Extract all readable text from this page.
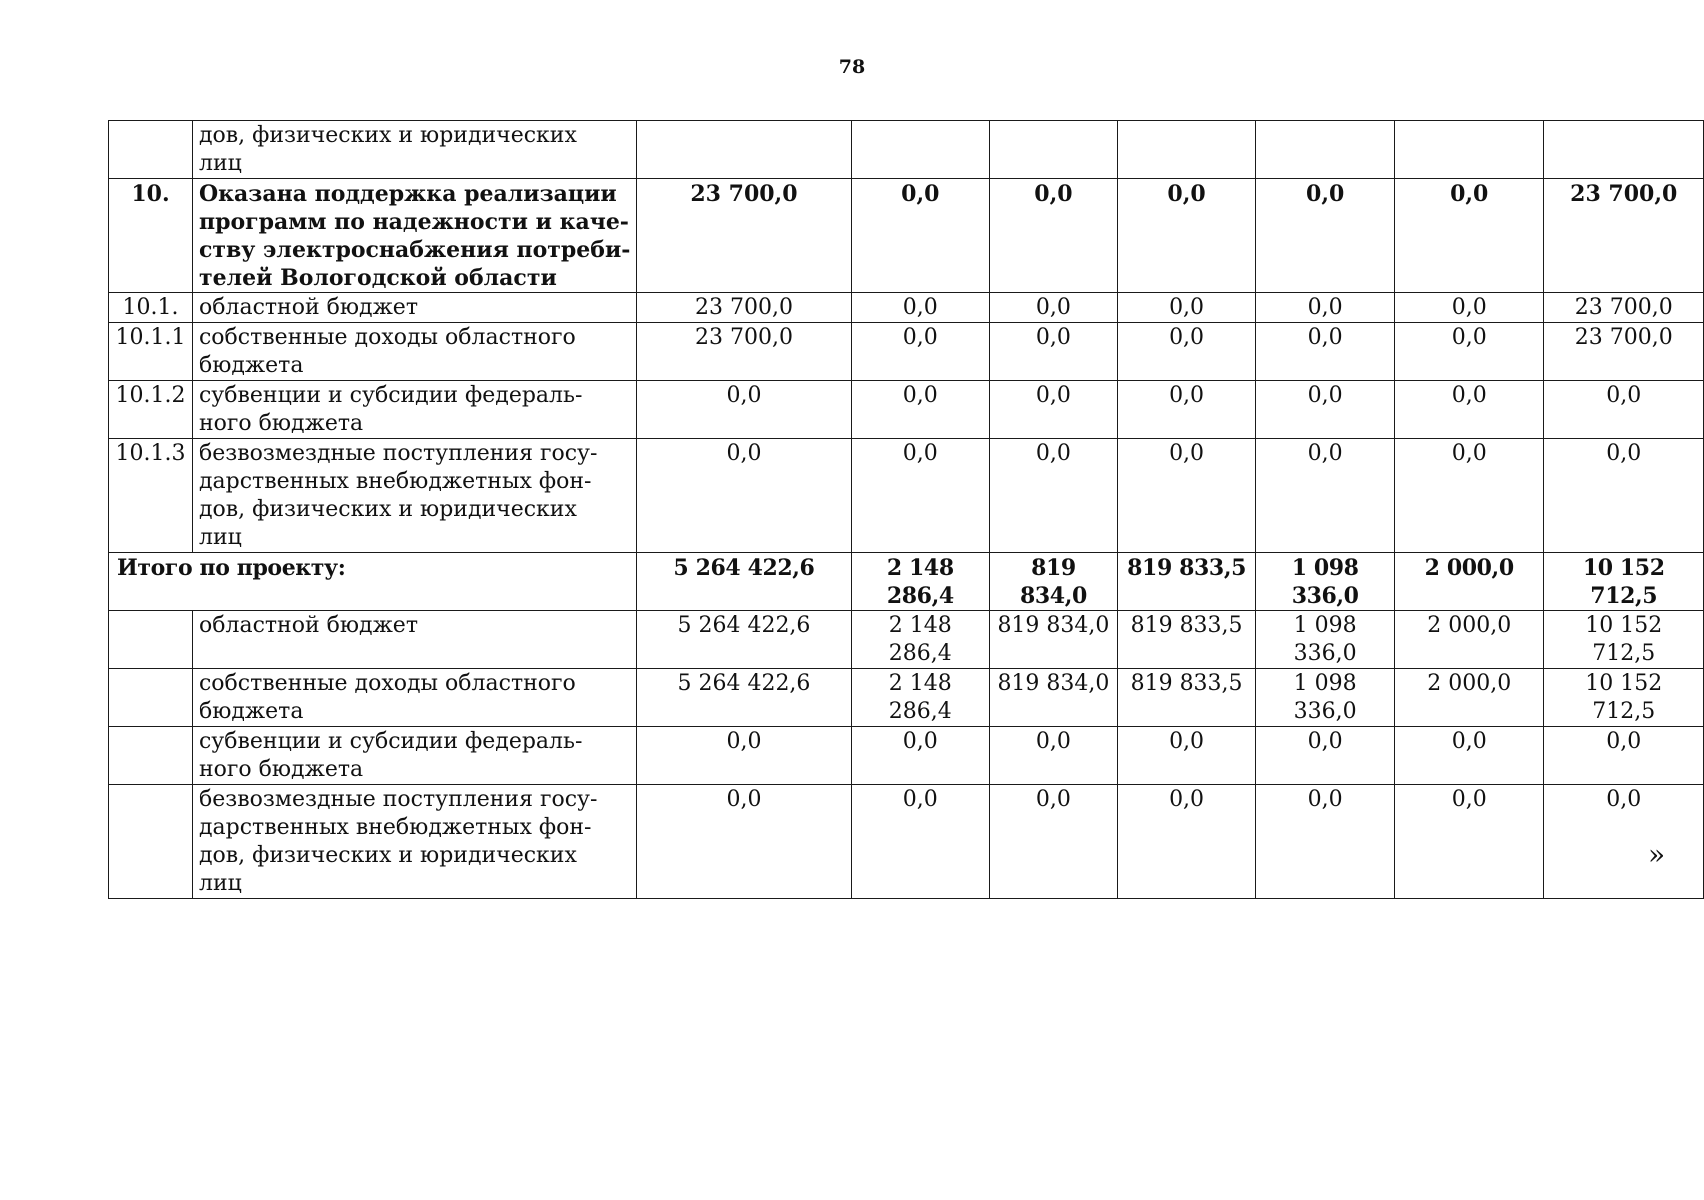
78

	дов, физических и юридических
лиц							

10.	Оказана поддержка реализации
программ по надежности и каче-
ству электроснабжения потреби-
телей Вологодской области	23 700,0	0,0	0,0	0,0	0,0	0,0	23 700,0
10.1.	областной бюджет	23 700,0	0,0	0,0	0,0	0,0	0,0	23 700,0
10.1.1	собственные доходы областного
бюджета	23 700,0	0,0	0,0	0,0	0,0	0,0	23 700,0
10.1.2	субвенции и субсидии федераль-
ного бюджета	0,0	0,0	0,0	0,0	0,0	0,0	0,0
10.1.3	безвозмездные поступления госу-
дарственных внебюджетных фон-
дов, физических и юридических
лиц	0,0	0,0	0,0	0,0	0,0	0,0	0,0
Итого по проекту:		5 264 422,6	2 148 286,4	819 834,0	819 833,5	1 098 336,0	2 000,0	10 152 712,5

	областной бюджет	5 264 422,6	2 148 286,4	819 834,0	819 833,5	1 098 336,0	2 000,0	10 152 712,5

	собственные доходы областного
бюджета	5 264 422,6	2 148 286,4	819 834,0	819 833,5	1 098 336,0	2 000,0	10 152 712,5

	субвенции и субсидии федераль-
ного бюджета	0,0	0,0	0,0	0,0	0,0	0,0	0,0

	безвозмездные поступления госу-
дарственных внебюджетных фон-
дов, физических и юридических
лиц	0,0	0,0	0,0	0,0	0,0	0,0	0,0
»
